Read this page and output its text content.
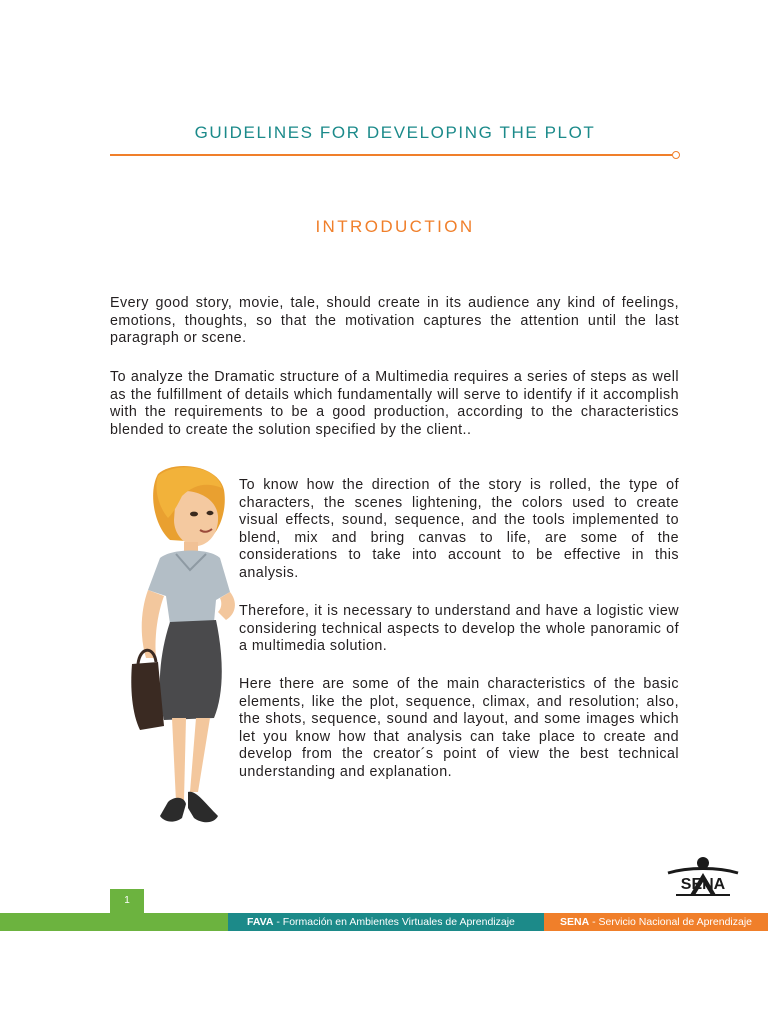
GUIDELINES FOR DEVELOPING THE PLOT
INTRODUCTION
Every good story, movie, tale, should create in its audience any kind of feelings, emotions, thoughts, so that the motivation captures the attention until the last paragraph or scene.
To analyze the Dramatic structure of a Multimedia requires a series of steps as well as the fulfillment of details which fundamentally will serve to identify if it accomplish with the requirements to be a good production, according to the characteristics blended to create the solution specified by the client..
To know how the direction of the story is rolled, the type of characters, the scenes lightening, the colors used to create visual effects, sound, sequence, and the tools implemented to blend, mix and bring canvas to life, are some of the considerations to take into account to be effective in this analysis.
Therefore, it is necessary to understand and have a logistic view considering technical aspects to develop the whole panoramic of a multimedia solution.
Here there are some of the main characteristics of the basic elements, like the plot, sequence, climax, and resolution; also, the shots, sequence, sound and layout, and some images which let you know how that analysis can take place to create and develop from the creator´s point of view the best technical understanding and explanation.
1
SENA
FAVA - Formación en Ambientes Virtuales de Aprendizaje	SENA - Servicio Nacional de Aprendizaje
